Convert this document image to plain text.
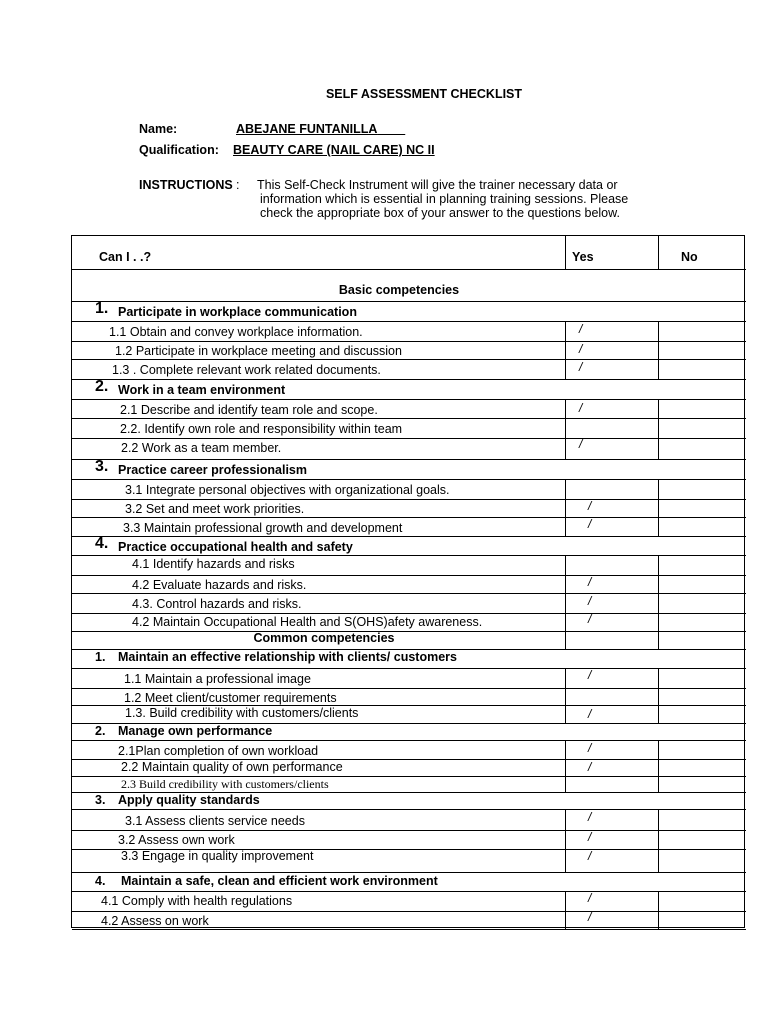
SELF ASSESSMENT CHECKLIST
Name:	ABEJANE FUNTANILLA
Qualification: BEAUTY CARE (NAIL CARE) NC II
INSTRUCTIONS : This Self-Check Instrument will give the trainer necessary data or
information which is essential in planning training sessions. Please
check the appropriate box of your answer to the questions below.
Can I . .?	Yes	No
Basic competencies
1. Participate in workplace communication
1.1 Obtain and convey workplace information.	/
1.2 Participate in workplace meeting and discussion	/
1.3 . Complete relevant work related documents.	/
2. Work in a team environment
2.1 Describe and identify team role and scope.	/
2.2. Identify own role and responsibility within team
2.2 Work as a team member.	/
3. Practice career professionalism
3.1 Integrate personal objectives with organizational goals.
3.2 Set and meet work priorities.	/
3.3 Maintain professional growth and development	/
4. Practice occupational health and safety
4.1 Identify hazards and risks
4.2 Evaluate hazards and risks.	/
4.3. Control hazards and risks.	/
4.2 Maintain Occupational Health and S(OHS)afety awareness.	/
Common competencies
1. Maintain an effective relationship with clients/ customers
1.1 Maintain a professional image	/
1.2 Meet client/customer requirements
1.3. Build credibility with customers/clients	/
2. Manage own performance
2.1Plan completion of own workload	/
2.2 Maintain quality of own performance	/
2.3 Build credibility with customers/clients
3. Apply quality standards
3.1 Assess clients service needs	/
3.2 Assess own work	/
3.3 Engage in quality improvement	/
4. Maintain a safe, clean and efficient work environment
4.1 Comply with health regulations	/
4.2 Assess on work	/
